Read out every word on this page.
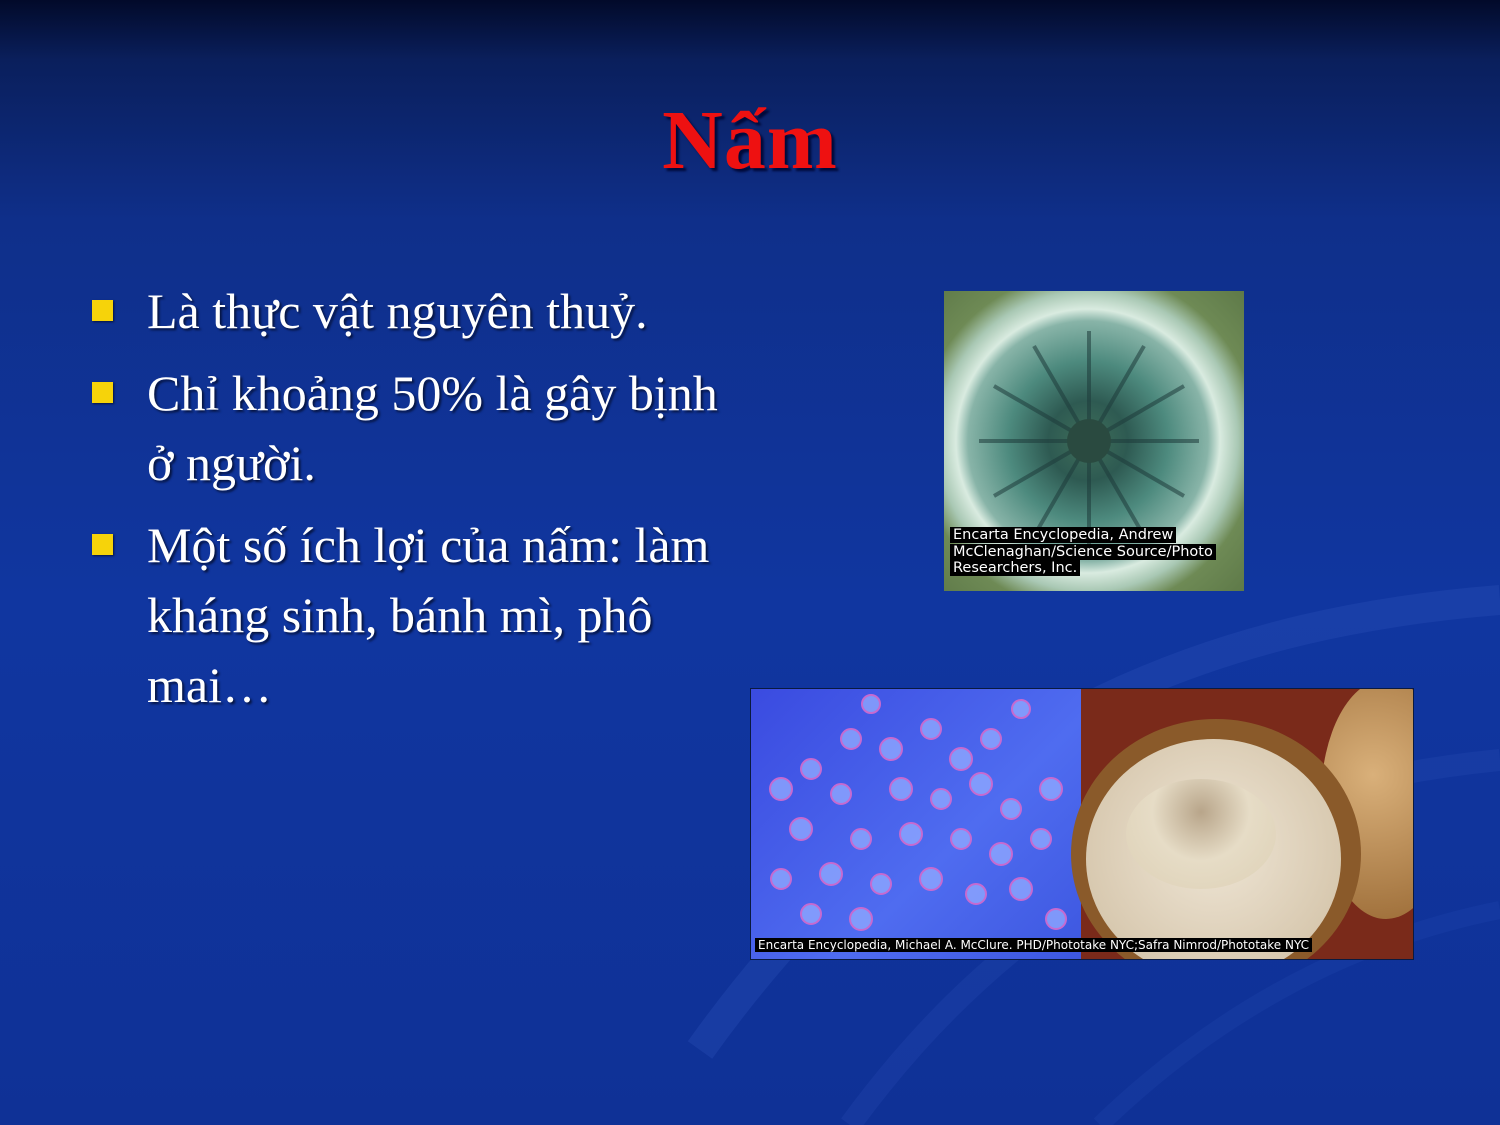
Nấm
Là thực vật nguyên thuỷ.
Chỉ khoảng 50% là gây bịnh ở người.
Một số ích lợi của nấm: làm kháng sinh, bánh mì, phô mai…
Encarta Encyclopedia, Andrew
McClenaghan/Science Source/Photo
Researchers, Inc.
Encarta Encyclopedia, Michael A. McClure. PHD/Phototake NYC;Safra Nimrod/Phototake NYC
